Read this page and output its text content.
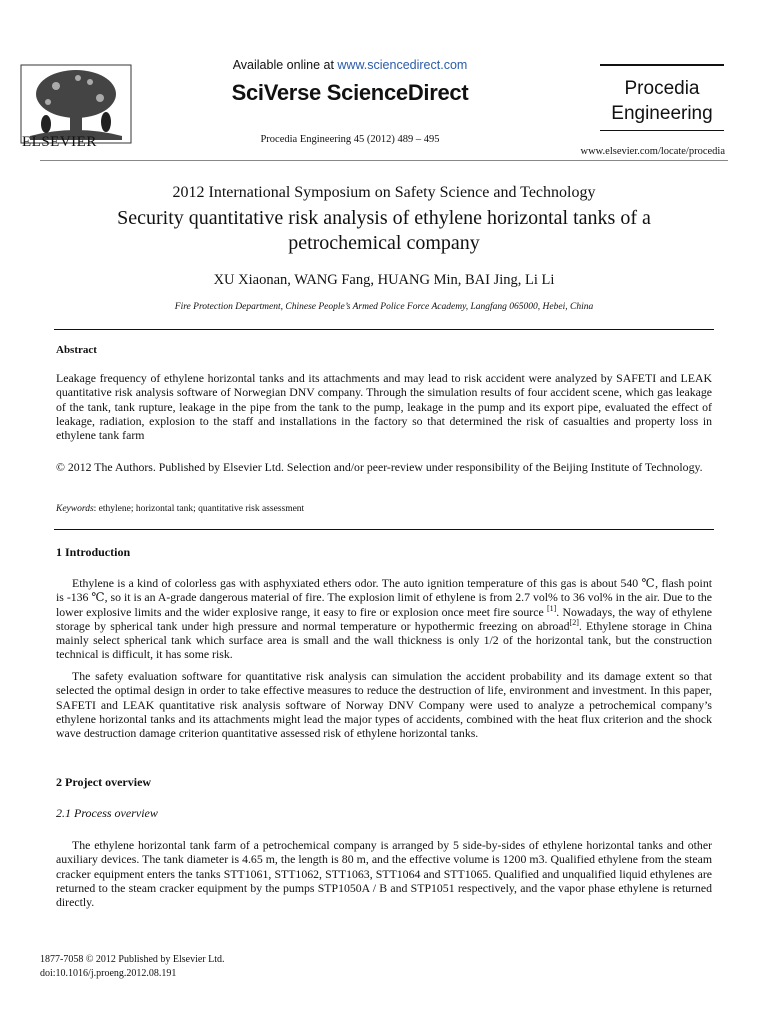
ELSEVIER
Available online at www.sciencedirect.com
SciVerse ScienceDirect
Procedia Engineering 45 (2012) 489 – 495
Procedia Engineering
www.elsevier.com/locate/procedia
2012 International Symposium on Safety Science and Technology
Security quantitative risk analysis of ethylene horizontal tanks of a petrochemical company
XU Xiaonan, WANG Fang, HUANG Min, BAI Jing, Li Li
Fire Protection Department, Chinese People’s Armed Police Force Academy, Langfang 065000, Hebei, China
Abstract
Leakage frequency of ethylene horizontal tanks and its attachments and may lead to risk accident were analyzed by SAFETI and LEAK quantitative risk analysis software of Norwegian DNV company. Through the simulation results of four accident scene, which gas leakage of the tank, tank rupture, leakage in the pipe from the tank to the pump, leakage in the pump and its export pipe, evaluated the effect of leakage, radiation, explosion to the staff and installations in the factory so that determined the risk of casualties and property loss in ethylene tank farm
© 2012 The Authors. Published by Elsevier Ltd. Selection and/or peer-review under responsibility of the Beijing Institute of Technology.
Keywords: ethylene; horizontal tank; quantitative risk assessment
1 Introduction
Ethylene is a kind of colorless gas with asphyxiated ethers odor. The auto ignition temperature of this gas is about 540 ℃, flash point is -136 ℃, so it is an A-grade dangerous material of fire. The explosion limit of ethylene is from 2.7 vol% to 36 vol% in the air. Due to the lower explosive limits and the wider explosive range, it easy to fire or explosion once meet fire source [1]. Nowadays, the way of ethylene storage by spherical tank under high pressure and normal temperature or hypothermic freezing on abroad[2]. Ethylene storage in China mainly select spherical tank which surface area is small and the wall thickness is only 1/2 of the horizontal tank, but the construction technical is difficult, it has some risk.
The safety evaluation software for quantitative risk analysis can simulation the accident probability and its damage extent so that selected the optimal design in order to take effective measures to reduce the destruction of life, environment and investment. In this paper, SAFETI and LEAK quantitative risk analysis software of Norway DNV Company were used to analyze a petrochemical company’s ethylene horizontal tanks and its attachments might lead the major types of accidents, combined with the heat flux criterion and the shock wave destruction damage criterion quantitative assessed risk of ethylene horizontal tanks.
2 Project overview
2.1 Process overview
The ethylene horizontal tank farm of a petrochemical company is arranged by 5 side-by-sides of ethylene horizontal tanks and other auxiliary devices. The tank diameter is 4.65 m, the length is 80 m, and the effective volume is 1200 m3. Qualified ethylene from the steam cracker equipment enters the tanks STT1061, STT1062, STT1063, STT1064 and STT1065. Qualified and unqualified liquid ethylenes are returned to the steam cracker equipment by the pumps STP1050A / B and STP1051 respectively, and the vapor phase ethylene is returned directly.
1877-7058 © 2012 Published by Elsevier Ltd.
doi:10.1016/j.proeng.2012.08.191
